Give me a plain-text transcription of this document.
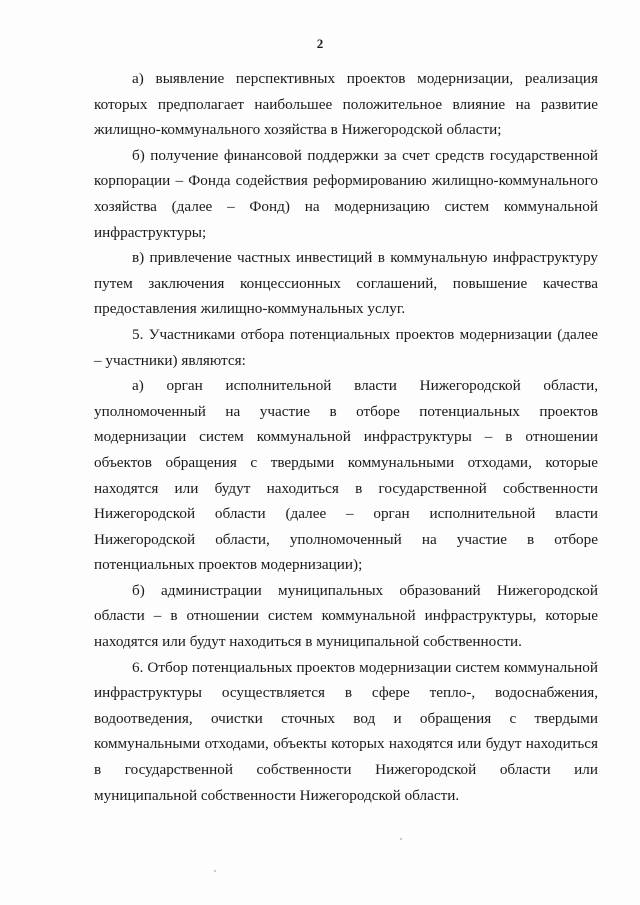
2

а) выявление перспективных проектов модернизации, реализация которых предполагает наибольшее положительное влияние на развитие жилищно-коммунального хозяйства в Нижегородской области;

б) получение финансовой поддержки за счет средств государственной корпорации – Фонда содействия реформированию жилищно-коммунального хозяйства (далее – Фонд) на модернизацию систем коммунальной инфраструктуры;

в) привлечение частных инвестиций в коммунальную инфраструктуру путем заключения концессионных соглашений, повышение качества предоставления жилищно-коммунальных услуг.

5. Участниками отбора потенциальных проектов модернизации (далее – участники) являются:

а) орган исполнительной власти Нижегородской области, уполномоченный на участие в отборе потенциальных проектов модернизации систем коммунальной инфраструктуры – в отношении объектов обращения с твердыми коммунальными отходами, которые находятся или будут находиться в государственной собственности Нижегородской области (далее – орган исполнительной власти Нижегородской области, уполномоченный на участие в отборе потенциальных проектов модернизации);

б) администрации муниципальных образований Нижегородской области – в отношении систем коммунальной инфраструктуры, которые находятся или будут находиться в муниципальной собственности.

6. Отбор потенциальных проектов модернизации систем коммунальной инфраструктуры осуществляется в сфере тепло-, водоснабжения, водоотведения, очистки сточных вод и обращения с твердыми коммунальными отходами, объекты которых находятся или будут находиться в государственной собственности Нижегородской области или муниципальной собственности Нижегородской области.
